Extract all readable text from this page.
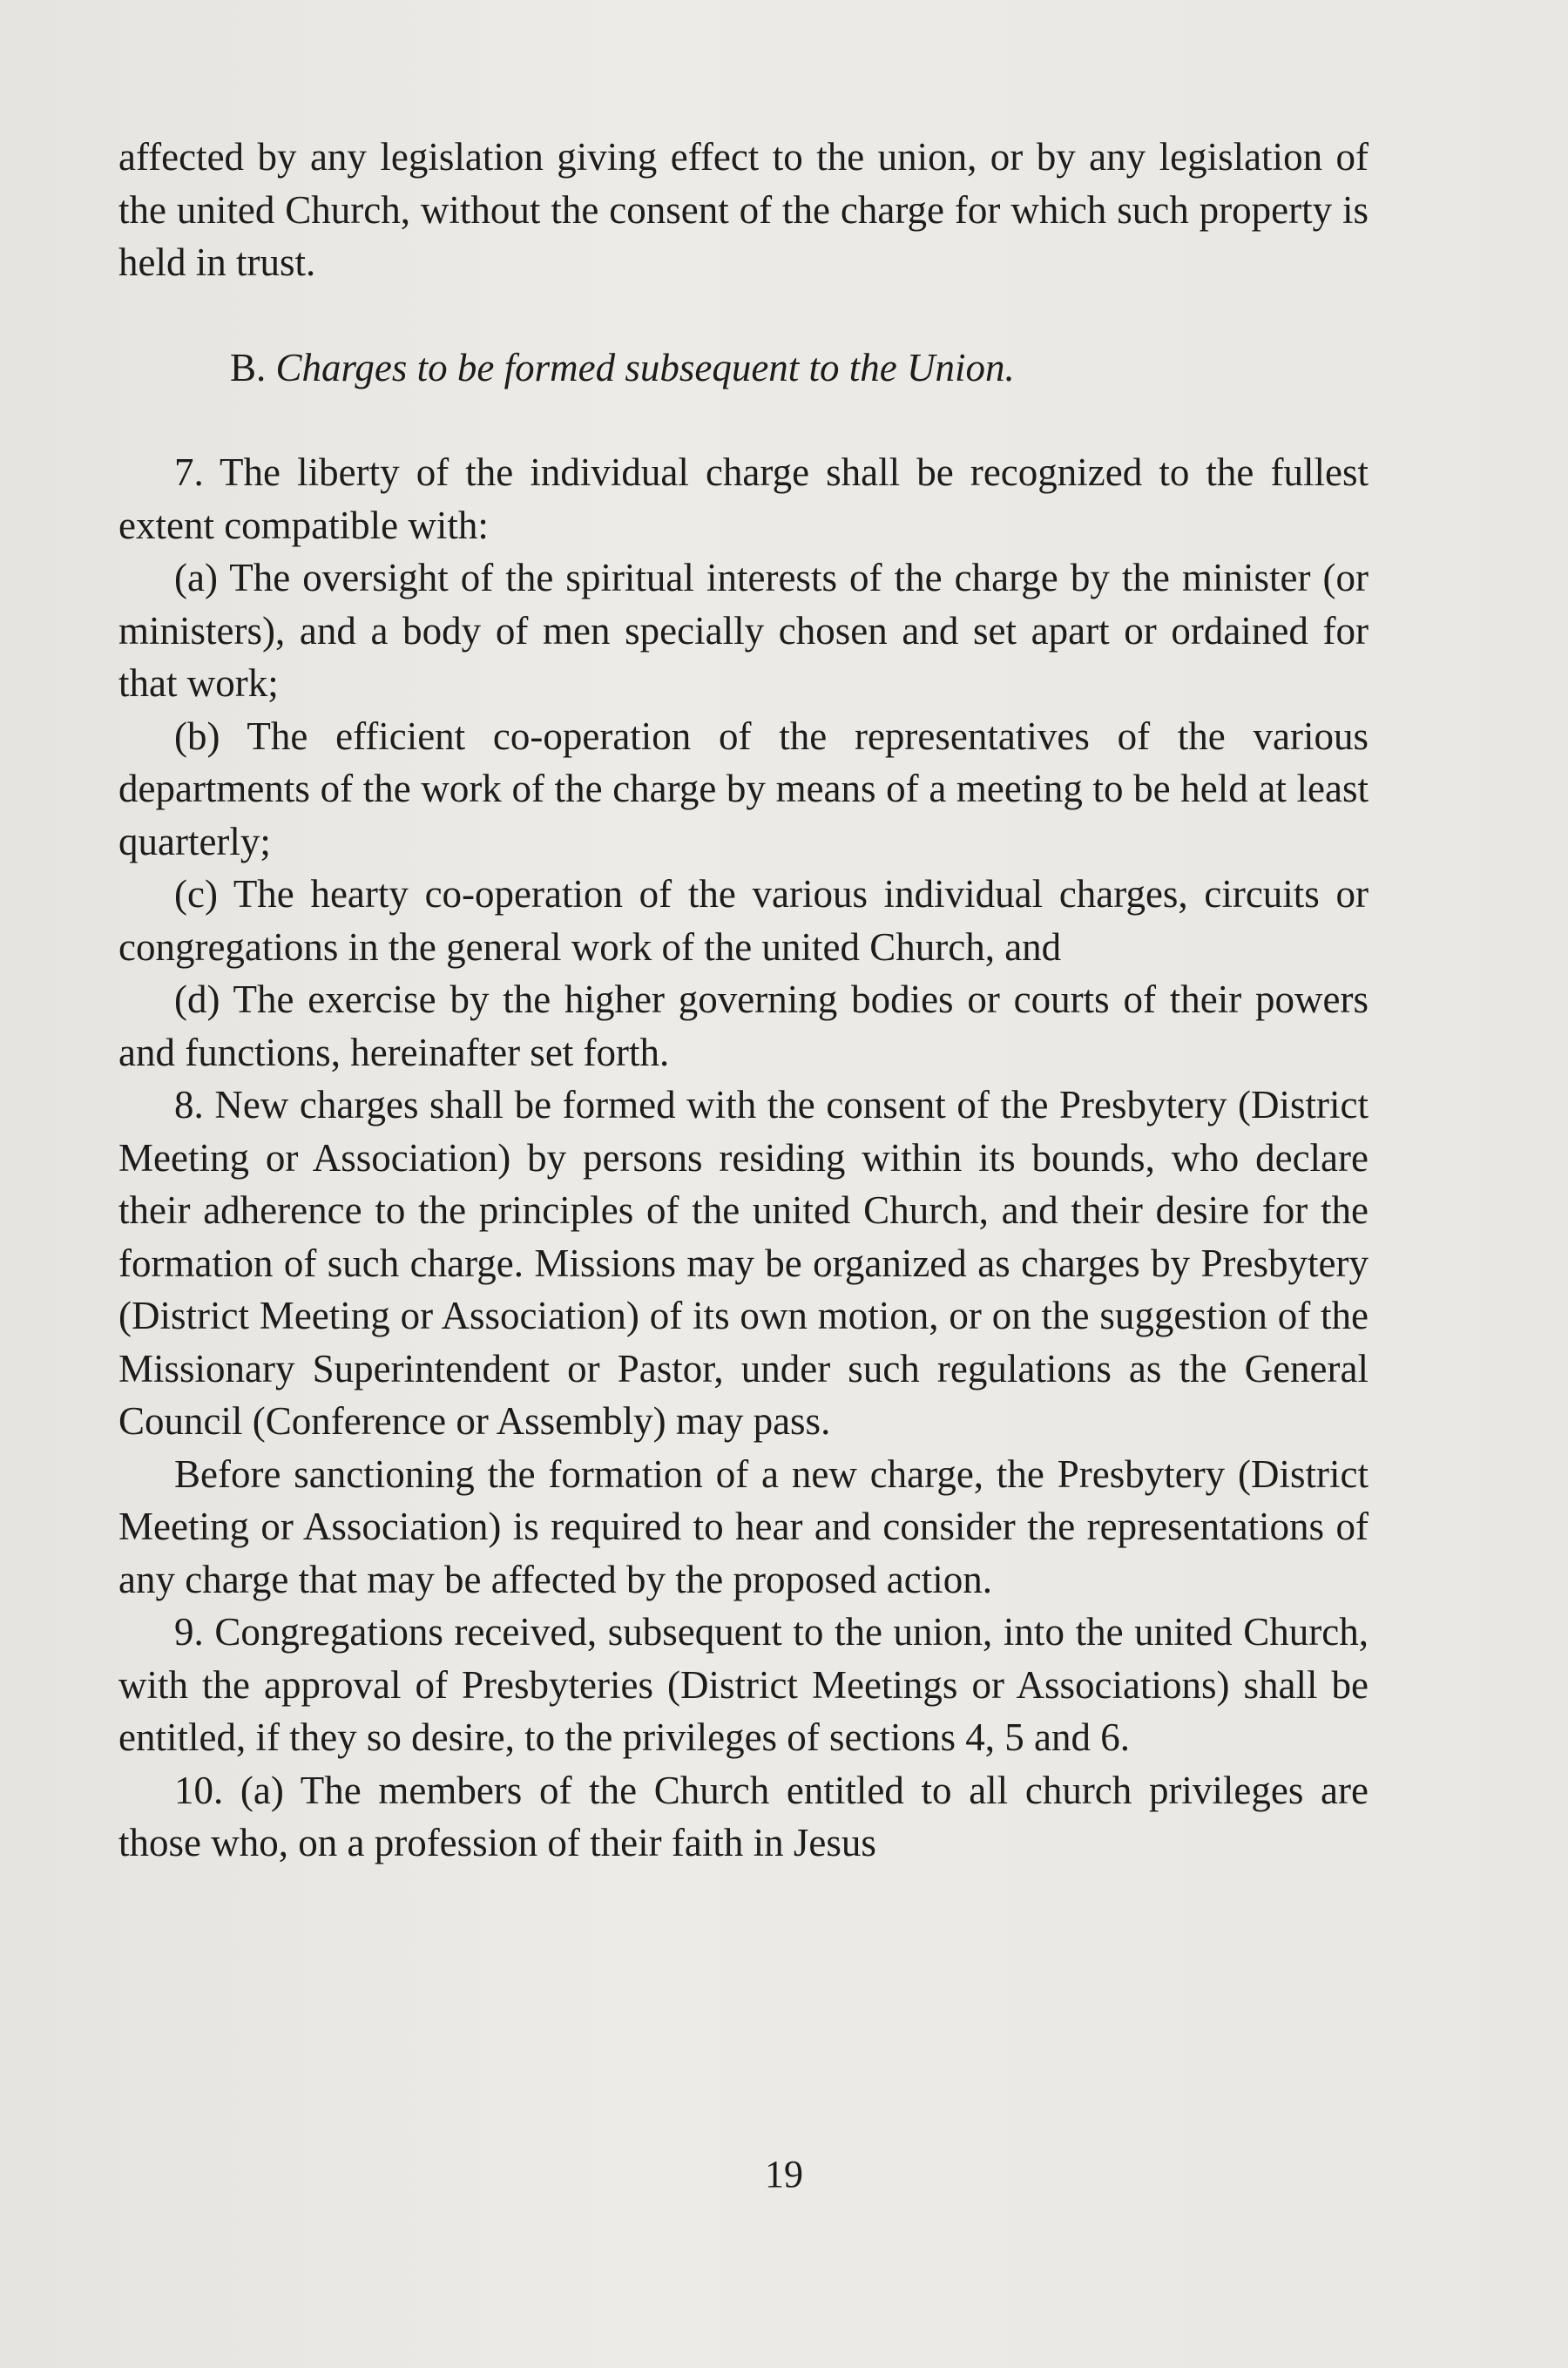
affected by any legislation giving effect to the union, or by any legislation of the united Church, without the consent of the charge for which such property is held in trust.

B. Charges to be formed subsequent to the Union.

7. The liberty of the individual charge shall be recognized to the fullest extent compatible with:

(a) The oversight of the spiritual interests of the charge by the minister (or ministers), and a body of men specially chosen and set apart or ordained for that work;

(b) The efficient co-operation of the representatives of the various departments of the work of the charge by means of a meeting to be held at least quarterly;

(c) The hearty co-operation of the various individual charges, circuits or congregations in the general work of the united Church, and

(d) The exercise by the higher governing bodies or courts of their powers and functions, hereinafter set forth.

8. New charges shall be formed with the consent of the Presbytery (District Meeting or Association) by persons residing within its bounds, who declare their adherence to the principles of the united Church, and their desire for the formation of such charge. Missions may be organized as charges by Presbytery (District Meeting or Association) of its own motion, or on the suggestion of the Missionary Superintendent or Pastor, under such regulations as the General Council (Conference or Assembly) may pass.

Before sanctioning the formation of a new charge, the Presbytery (District Meeting or Association) is required to hear and consider the representations of any charge that may be affected by the proposed action.

9. Congregations received, subsequent to the union, into the united Church, with the approval of Presbyteries (District Meetings or Associations) shall be entitled, if they so desire, to the privileges of sections 4, 5 and 6.

10. (a) The members of the Church entitled to all church privileges are those who, on a profession of their faith in Jesus

19
